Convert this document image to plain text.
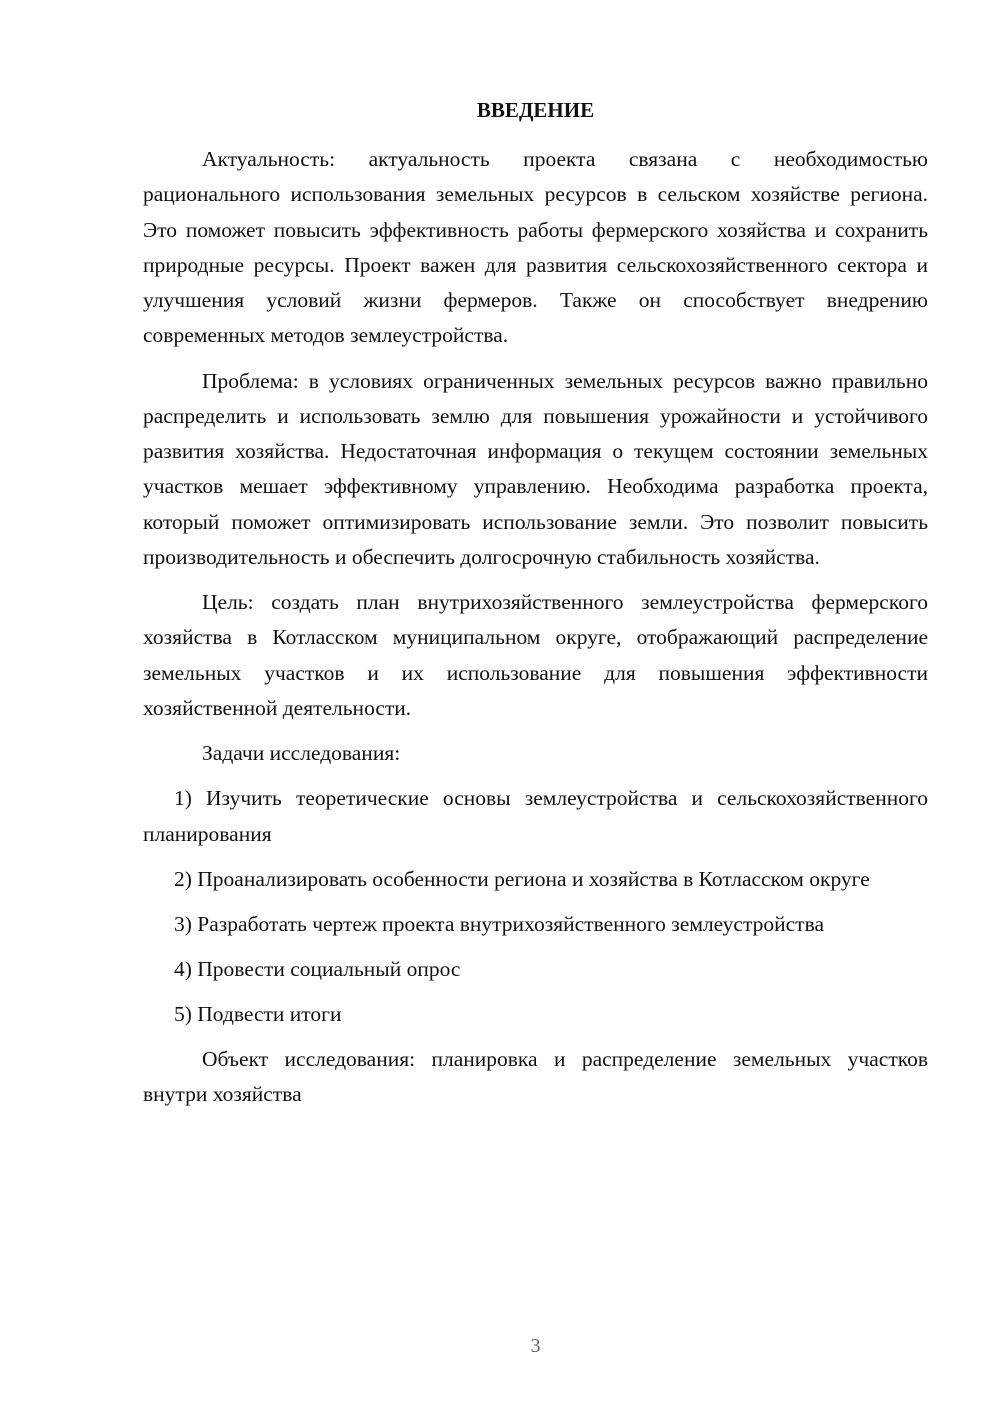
ВВЕДЕНИЕ

Актуальность: актуальность проекта связана с необходимостью рационального использования земельных ресурсов в сельском хозяйстве региона. Это поможет повысить эффективность работы фермерского хозяйства и сохранить природные ресурсы. Проект важен для развития сельскохозяйственного сектора и улучшения условий жизни фермеров. Также он способствует внедрению современных методов землеустройства.

Проблема: в условиях ограниченных земельных ресурсов важно правильно распределить и использовать землю для повышения урожайности и устойчивого развития хозяйства. Недостаточная информация о текущем состоянии земельных участков мешает эффективному управлению. Необходима разработка проекта, который поможет оптимизировать использование земли. Это позволит повысить производительность и обеспечить долгосрочную стабильность хозяйства.

Цель: создать план внутрихозяйственного землеустройства фермерского хозяйства в Котласском муниципальном округе, отображающий распределение земельных участков и их использование для повышения эффективности хозяйственной деятельности.

Задачи исследования:

1) Изучить теоретические основы землеустройства и сельскохозяйственного планирования

2) Проанализировать особенности региона и хозяйства в Котласском округе

3) Разработать чертеж проекта внутрихозяйственного землеустройства

4) Провести социальный опрос

5) Подвести итоги

Объект исследования: планировка и распределение земельных участков внутри хозяйства

3
